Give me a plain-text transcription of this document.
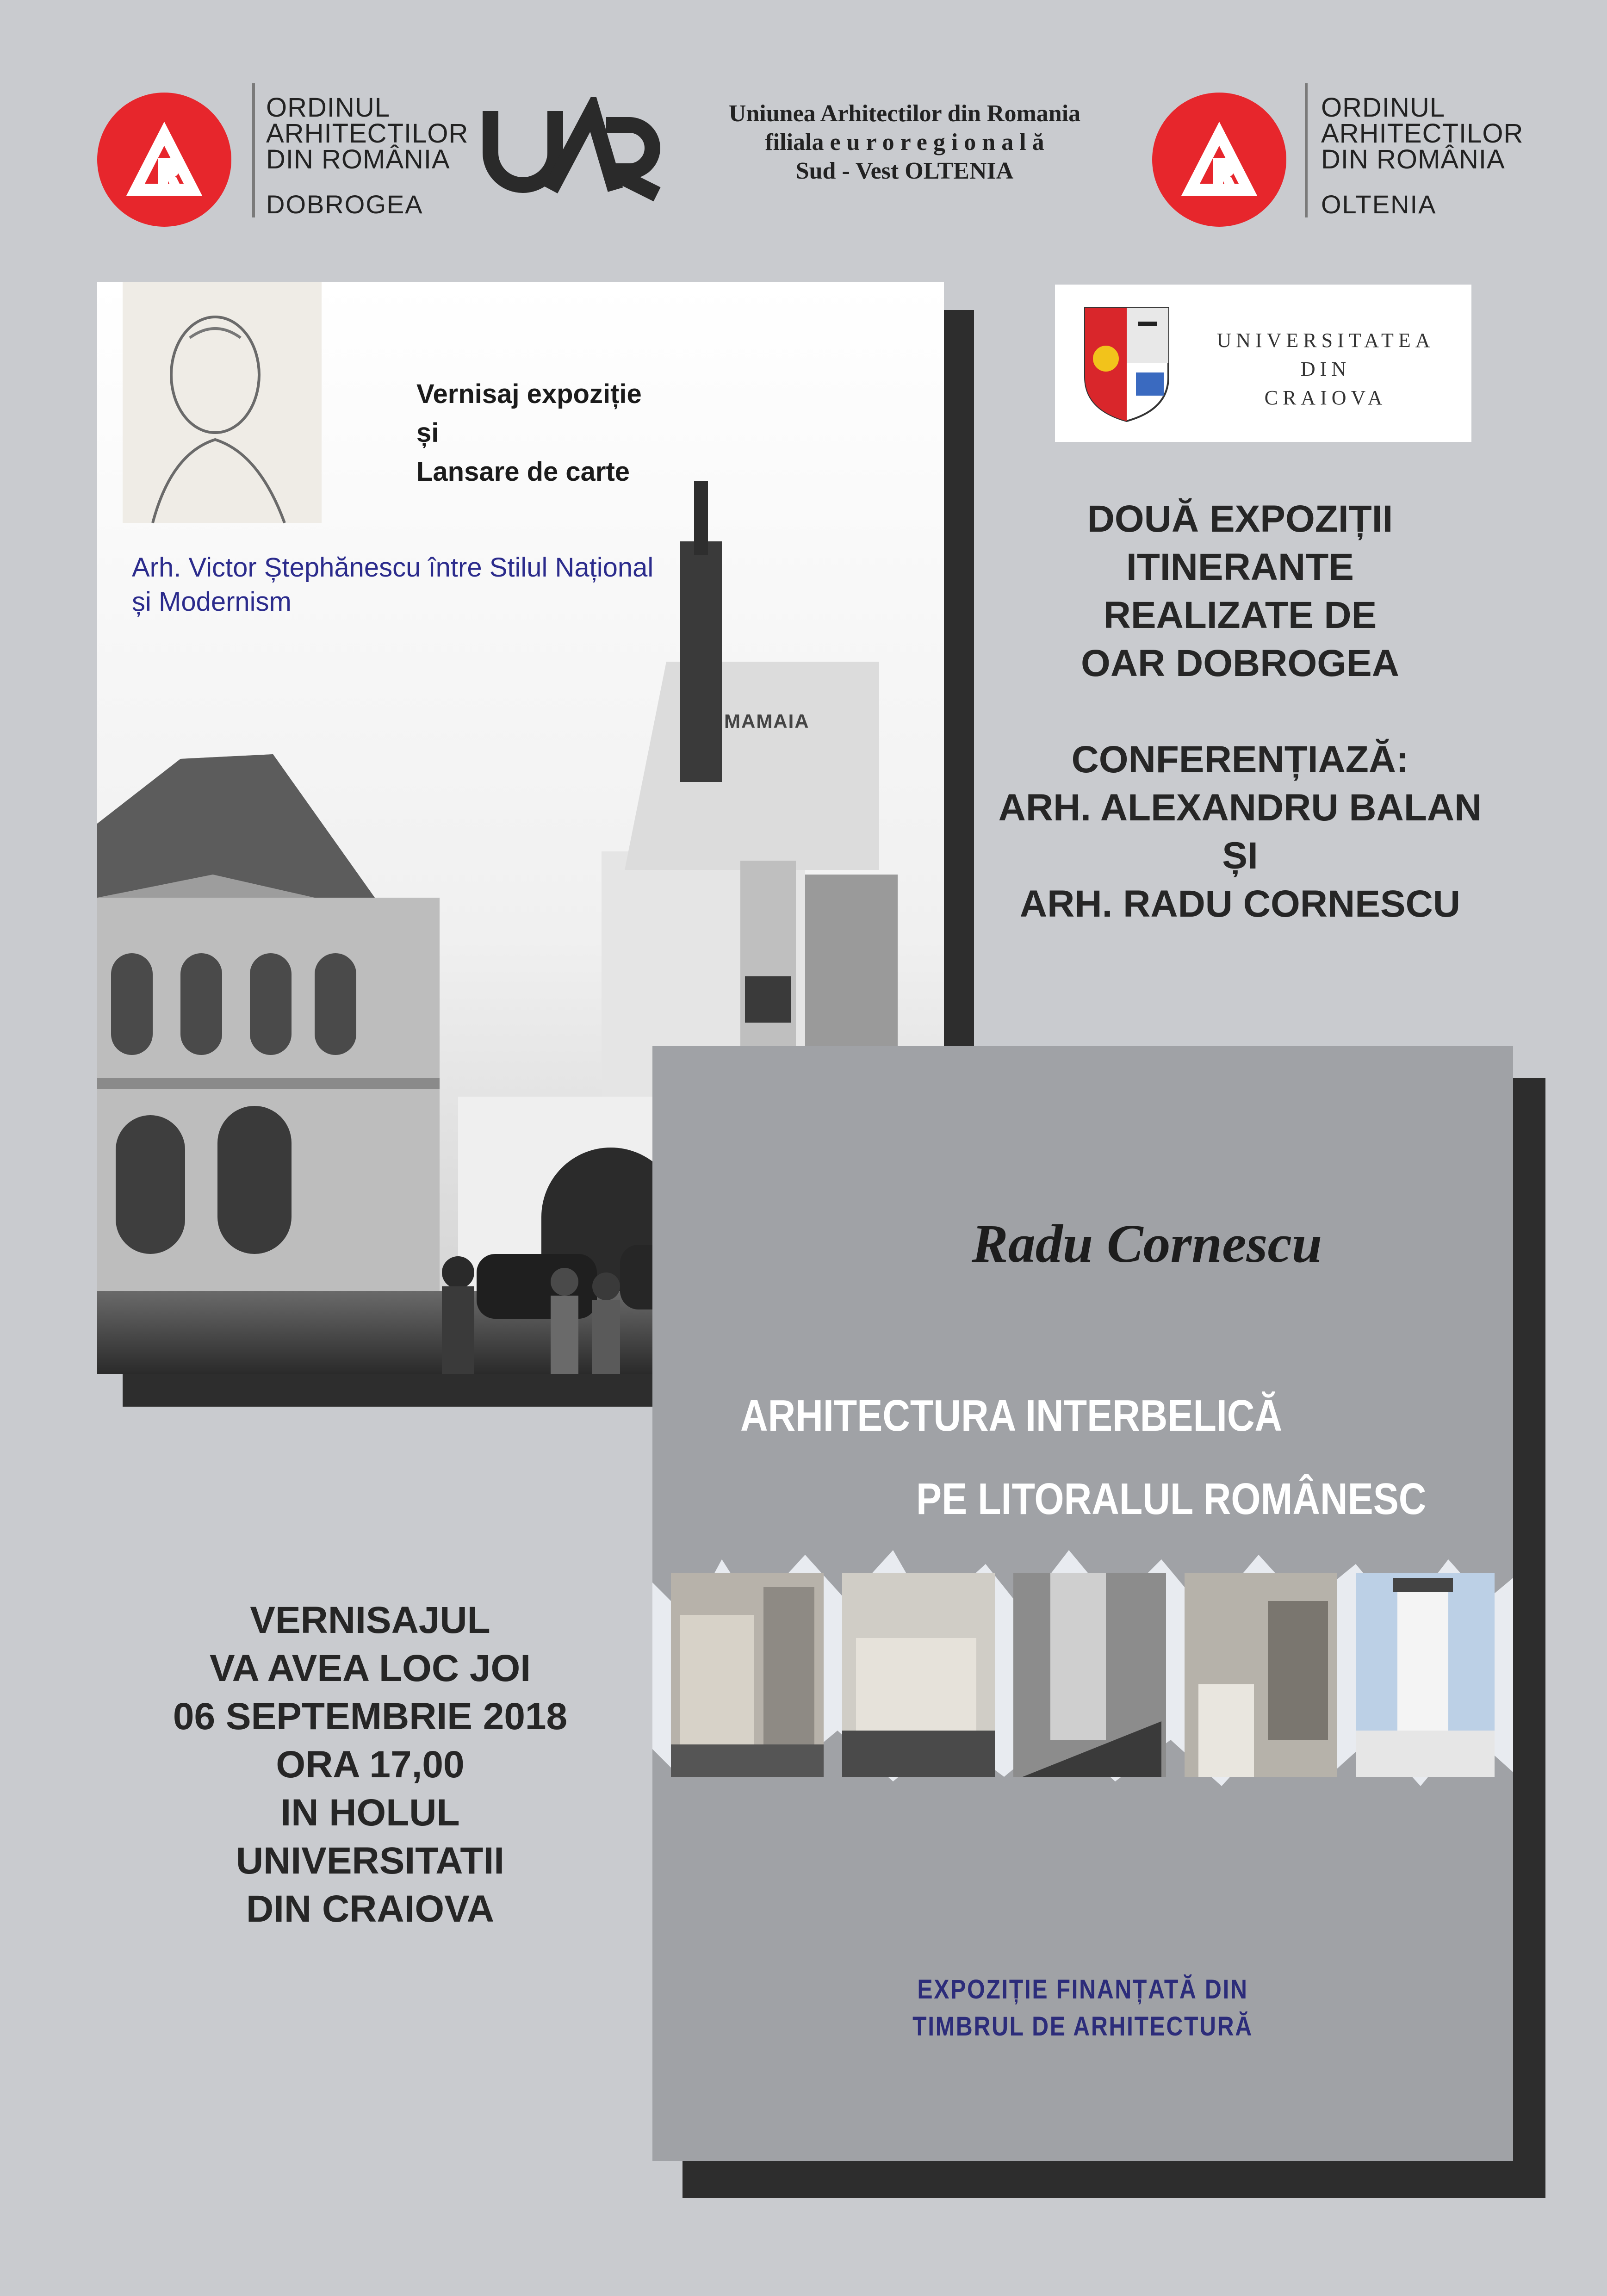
ORDINUL
ARHITECTILOR
DIN ROMÂNIA
DOBROGEA
Uniunea Arhitectilor din Romania
filiala e u r o r e g i o n a l ă
Sud - Vest OLTENIA
ORDINUL
ARHITECTILOR
DIN ROMÂNIA
OLTENIA
MAMAIA
Vernisaj expoziție
și
Lansare de carte
Arh. Victor Ștephănescu între Stilul Național
și Modernism
UNIVERSITATEA
DIN
CRAIOVA
DOUĂ EXPOZIȚII
ITINERANTE
REALIZATE DE
OAR DOBROGEA
CONFERENȚIAZĂ:
ARH. ALEXANDRU BALAN
ȘI
ARH. RADU CORNESCU
Radu Cornescu
ARHITECTURA INTERBELICĂ
PE LITORALUL ROMÂNESC
EXPOZIȚIE FINANȚATĂ DIN
TIMBRUL DE ARHITECTURĂ
VERNISAJUL
VA AVEA LOC JOI
06 SEPTEMBRIE 2018
ORA 17,00
IN HOLUL
UNIVERSITATII
DIN CRAIOVA
